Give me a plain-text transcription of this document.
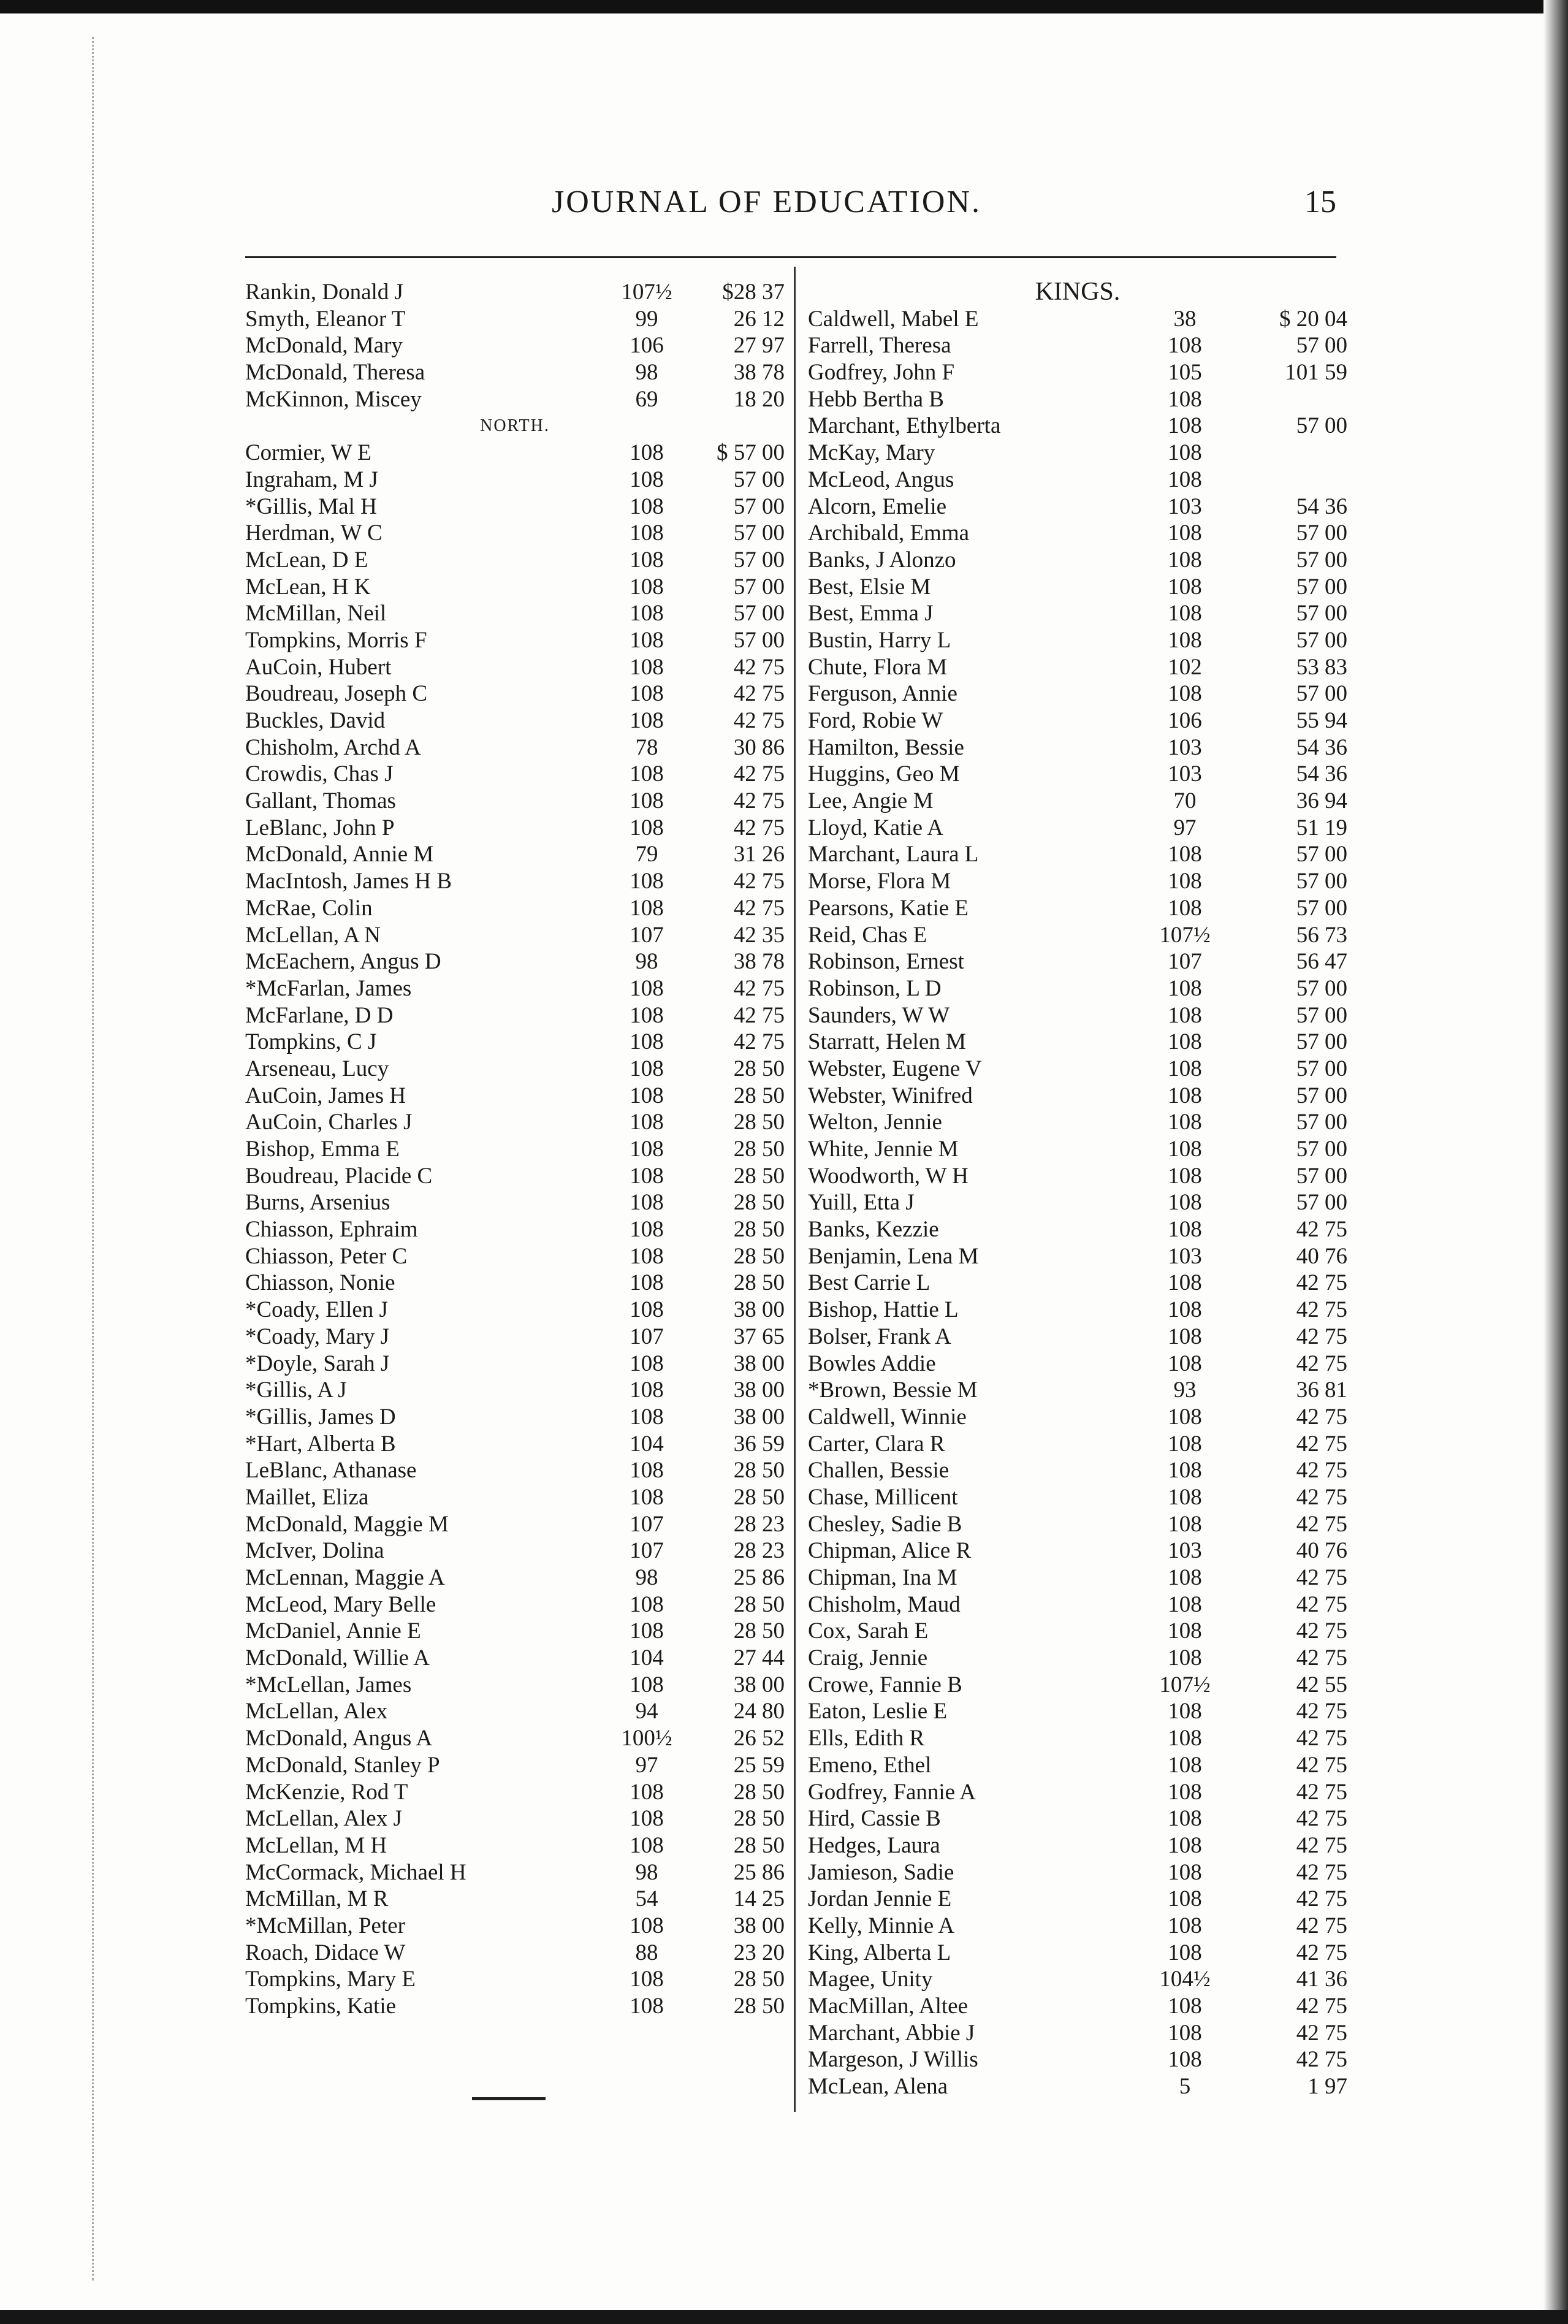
JOURNAL OF EDUCATION.	15
Rankin, Donald J	107½	$28 37
Smyth, Eleanor T	99	26 12
McDonald, Mary	106	27 97
McDonald, Theresa	98	38 78
McKinnon, Miscey	69	18 20
NORTH.
Cormier, W E	108	$ 57 00
Ingraham, M J	108	57 00
*Gillis, Mal H	108	57 00
Herdman, W C	108	57 00
McLean, D E	108	57 00
McLean, H K	108	57 00
McMillan, Neil	108	57 00
Tompkins, Morris F	108	57 00
AuCoin, Hubert	108	42 75
Boudreau, Joseph C	108	42 75
Buckles, David	108	42 75
Chisholm, Archd A	78	30 86
Crowdis, Chas J	108	42 75
Gallant, Thomas	108	42 75
LeBlanc, John P	108	42 75
McDonald, Annie M	79	31 26
MacIntosh, James H B	108	42 75
McRae, Colin	108	42 75
McLellan, A N	107	42 35
McEachern, Angus D	98	38 78
*McFarlan, James	108	42 75
McFarlane, D D	108	42 75
Tompkins, C J	108	42 75
Arseneau, Lucy	108	28 50
AuCoin, James H	108	28 50
AuCoin, Charles J	108	28 50
Bishop, Emma E	108	28 50
Boudreau, Placide C	108	28 50
Burns, Arsenius	108	28 50
Chiasson, Ephraim	108	28 50
Chiasson, Peter C	108	28 50
Chiasson, Nonie	108	28 50
*Coady, Ellen J	108	38 00
*Coady, Mary J	107	37 65
*Doyle, Sarah J	108	38 00
*Gillis, A J	108	38 00
*Gillis, James D	108	38 00
*Hart, Alberta B	104	36 59
LeBlanc, Athanase	108	28 50
Maillet, Eliza	108	28 50
McDonald, Maggie M	107	28 23
McIver, Dolina	107	28 23
McLennan, Maggie A	98	25 86
McLeod, Mary Belle	108	28 50
McDaniel, Annie E	108	28 50
McDonald, Willie A	104	27 44
*McLellan, James	108	38 00
McLellan, Alex	94	24 80
McDonald, Angus A	100½	26 52
McDonald, Stanley P	97	25 59
McKenzie, Rod T	108	28 50
McLellan, Alex J	108	28 50
McLellan, M H	108	28 50
McCormack, Michael H	98	25 86
McMillan, M R	54	14 25
*McMillan, Peter	108	38 00
Roach, Didace W	88	23 20
Tompkins, Mary E	108	28 50
Tompkins, Katie	108	28 50
KINGS.
Caldwell, Mabel E	38	$ 20 04
Farrell, Theresa	108	57 00
Godfrey, John F	105	101 59
Hebb Bertha B	108
Marchant, Ethylberta	108	57 00
McKay, Mary	108
McLeod, Angus	108
Alcorn, Emelie	103	54 36
Archibald, Emma	108	57 00
Banks, J Alonzo	108	57 00
Best, Elsie M	108	57 00
Best, Emma J	108	57 00
Bustin, Harry L	108	57 00
Chute, Flora M	102	53 83
Ferguson, Annie	108	57 00
Ford, Robie W	106	55 94
Hamilton, Bessie	103	54 36
Huggins, Geo M	103	54 36
Lee, Angie M	70	36 94
Lloyd, Katie A	97	51 19
Marchant, Laura L	108	57 00
Morse, Flora M	108	57 00
Pearsons, Katie E	108	57 00
Reid, Chas E	107½	56 73
Robinson, Ernest	107	56 47
Robinson, L D	108	57 00
Saunders, W W	108	57 00
Starratt, Helen M	108	57 00
Webster, Eugene V	108	57 00
Webster, Winifred	108	57 00
Welton, Jennie	108	57 00
White, Jennie M	108	57 00
Woodworth, W H	108	57 00
Yuill, Etta J	108	57 00
Banks, Kezzie	108	42 75
Benjamin, Lena M	103	40 76
Best Carrie L	108	42 75
Bishop, Hattie L	108	42 75
Bolser, Frank A	108	42 75
Bowles Addie	108	42 75
*Brown, Bessie M	93	36 81
Caldwell, Winnie	108	42 75
Carter, Clara R	108	42 75
Challen, Bessie	108	42 75
Chase, Millicent	108	42 75
Chesley, Sadie B	108	42 75
Chipman, Alice R	103	40 76
Chipman, Ina M	108	42 75
Chisholm, Maud	108	42 75
Cox, Sarah E	108	42 75
Craig, Jennie	108	42 75
Crowe, Fannie B	107½	42 55
Eaton, Leslie E	108	42 75
Ells, Edith R	108	42 75
Emeno, Ethel	108	42 75
Godfrey, Fannie A	108	42 75
Hird, Cassie B	108	42 75
Hedges, Laura	108	42 75
Jamieson, Sadie	108	42 75
Jordan Jennie E	108	42 75
Kelly, Minnie A	108	42 75
King, Alberta L	108	42 75
Magee, Unity	104½	41 36
MacMillan, Altee	108	42 75
Marchant, Abbie J	108	42 75
Margeson, J Willis	108	42 75
McLean, Alena	5	1 97
